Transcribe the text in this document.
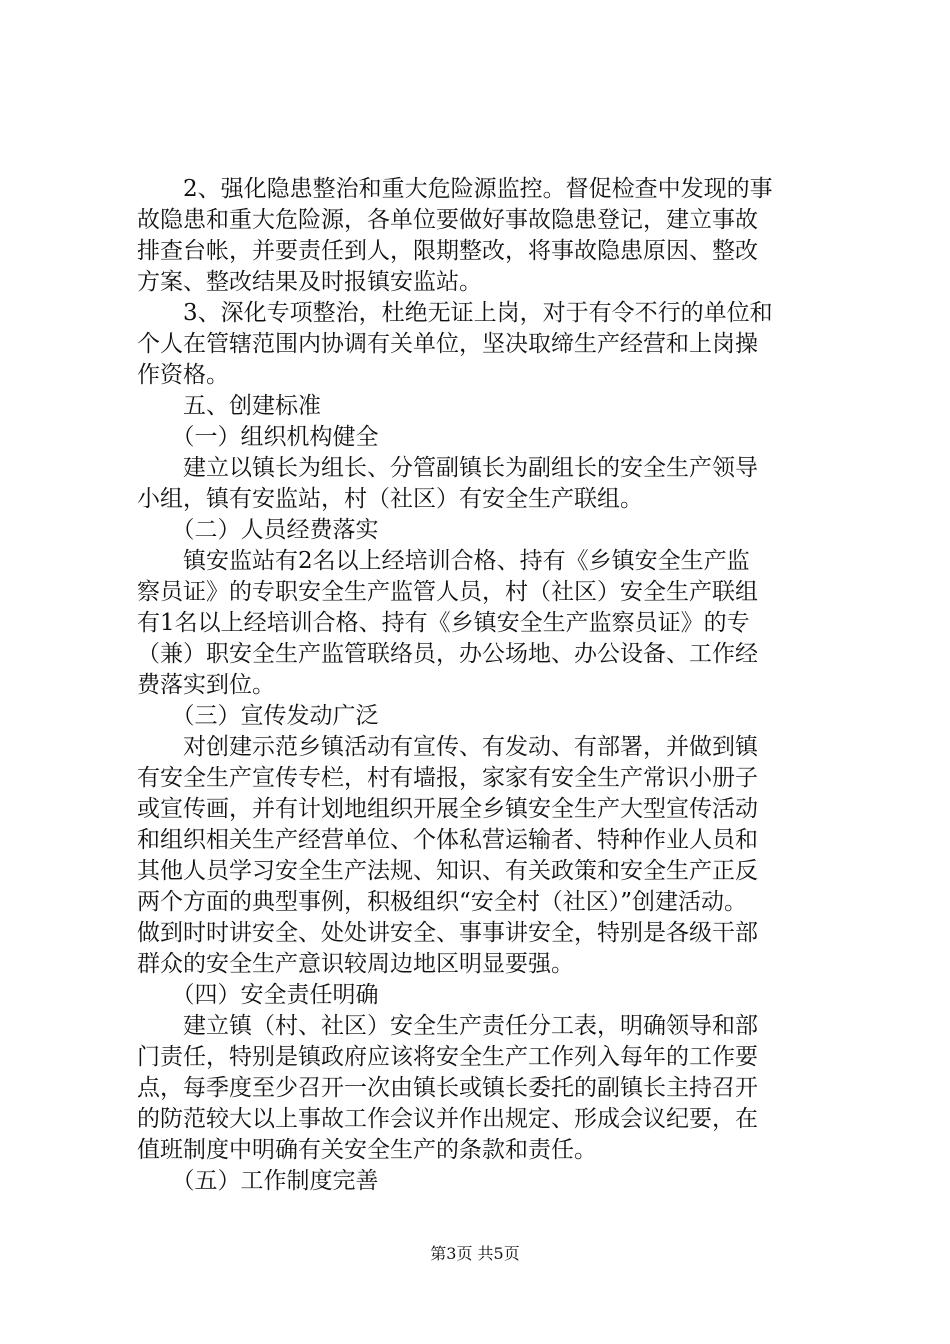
　　2、强化隐患整治和重大危险源监控。督促检查中发现的事

故隐患和重大危险源，各单位要做好事故隐患登记，建立事故

排查台帐，并要责任到人，限期整改，将事故隐患原因、整改

方案、整改结果及时报镇安监站。

　　3、深化专项整治，杜绝无证上岗，对于有令不行的单位和

个人在管辖范围内协调有关单位，坚决取缔生产经营和上岗操

作资格。

　　五、创建标准

　　（一）组织机构健全

　　建立以镇长为组长、分管副镇长为副组长的安全生产领导

小组，镇有安监站，村（社区）有安全生产联组。

　　（二）人员经费落实

　　镇安监站有2名以上经培训合格、持有《乡镇安全生产监

察员证》的专职安全生产监管人员，村（社区）安全生产联组

有1名以上经培训合格、持有《乡镇安全生产监察员证》的专

（兼）职安全生产监管联络员，办公场地、办公设备、工作经

费落实到位。

　　（三）宣传发动广泛

　　对创建示范乡镇活动有宣传、有发动、有部署，并做到镇

有安全生产宣传专栏，村有墙报，家家有安全生产常识小册子

或宣传画，并有计划地组织开展全乡镇安全生产大型宣传活动

和组织相关生产经营单位、个体私营运输者、特种作业人员和

其他人员学习安全生产法规、知识、有关政策和安全生产正反

两个方面的典型事例，积极组织“安全村（社区）”创建活动。

做到时时讲安全、处处讲安全、事事讲安全，特别是各级干部

群众的安全生产意识较周边地区明显要强。

　　（四）安全责任明确

　　建立镇（村、社区）安全生产责任分工表，明确领导和部

门责任，特别是镇政府应该将安全生产工作列入每年的工作要

点，每季度至少召开一次由镇长或镇长委托的副镇长主持召开

的防范较大以上事故工作会议并作出规定、形成会议纪要，在

值班制度中明确有关安全生产的条款和责任。

　　（五）工作制度完善

第3页 共5页
